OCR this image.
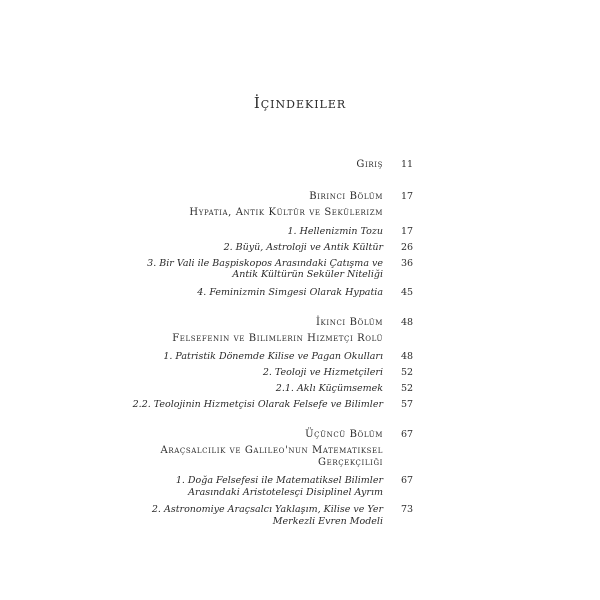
İçindekiler
Giriş 11
Birinci Bölüm 17
Hypatia, Antik Kültür ve Sekülerizm
1. Hellenizmin Tozu 17
2. Büyü, Astroloji ve Antik Kültür 26
3. Bir Vali ile Başpiskopos Arasındaki Çatışma ve 36
Antik Kültürün Seküler Niteliği
4. Feminizmin Simgesi Olarak Hypatia 45
İkinci Bölüm 48
Felsefenin ve Bilimlerin Hizmetçi Rolü
1. Patristik Dönemde Kilise ve Pagan Okulları 48
2. Teoloji ve Hizmetçileri 52
2.1. Aklı Küçümsemek 52
2.2. Teolojinin Hizmetçisi Olarak Felsefe ve Bilimler 57
Üçüncü Bölüm 67
Araçsalcılık ve Galileo'nun Matematiksel
Gerçekçiliği
1. Doğa Felsefesi ile Matematiksel Bilimler 67
Arasındaki Aristotelesçi Disiplinel Ayrım
2. Astronomiye Araçsalcı Yaklaşım, Kilise ve Yer 73
Merkezli Evren Modeli
